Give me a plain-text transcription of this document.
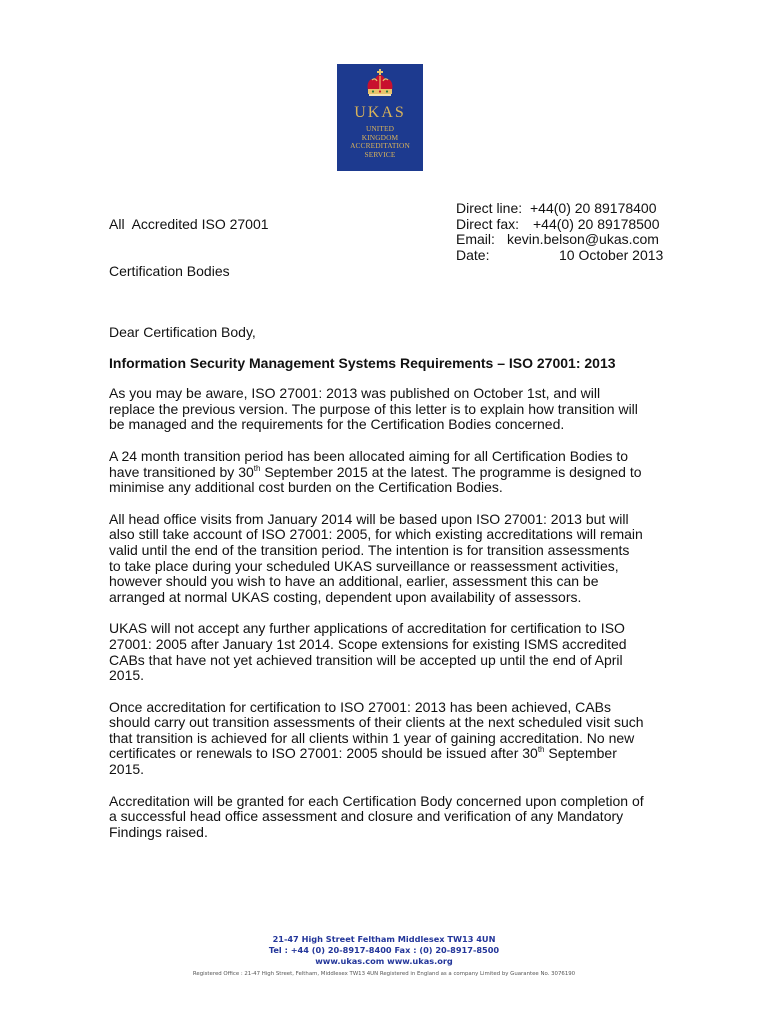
UKAS
UNITED
KINGDOM
ACCREDITATION
SERVICE

All  Accredited ISO 27001

Certification Bodies

Direct line: +44(0) 20 89178400
Direct fax: +44(0) 20 89178500
Email: kevin.belson@ukas.com
Date:	10 October 2013

Dear Certification Body,

Information Security Management Systems Requirements – ISO 27001: 2013

As you may be aware, ISO 27001: 2013 was published on October 1st, and will
replace the previous version. The purpose of this letter is to explain how transition will
be managed and the requirements for the Certification Bodies concerned.

A 24 month transition period has been allocated aiming for all Certification Bodies to
have transitioned by 30th September 2015 at the latest. The programme is designed to
minimise any additional cost burden on the Certification Bodies.

All head office visits from January 2014 will be based upon ISO 27001: 2013 but will
also still take account of ISO 27001: 2005, for which existing accreditations will remain
valid until the end of the transition period. The intention is for transition assessments
to take place during your scheduled UKAS surveillance or reassessment activities,
however should you wish to have an additional, earlier, assessment this can be
arranged at normal UKAS costing, dependent upon availability of assessors.

UKAS will not accept any further applications of accreditation for certification to ISO
27001: 2005 after January 1st 2014. Scope extensions for existing ISMS accredited
CABs that have not yet achieved transition will be accepted up until the end of April
2015.

Once accreditation for certification to ISO 27001: 2013 has been achieved, CABs
should carry out transition assessments of their clients at the next scheduled visit such
that transition is achieved for all clients within 1 year of gaining accreditation. No new
certificates or renewals to ISO 27001: 2005 should be issued after 30th September
2015.

Accreditation will be granted for each Certification Body concerned upon completion of
a successful head office assessment and closure and verification of any Mandatory
Findings raised.

21-47 High Street Feltham Middlesex TW13 4UN
Tel : +44 (0) 20-8917-8400 Fax : (0) 20-8917-8500
www.ukas.com www.ukas.org
Registered Office : 21-47 High Street, Feltham, Middlesex TW13 4UN Registered in England as a company Limited by Guarantee No. 3076190
